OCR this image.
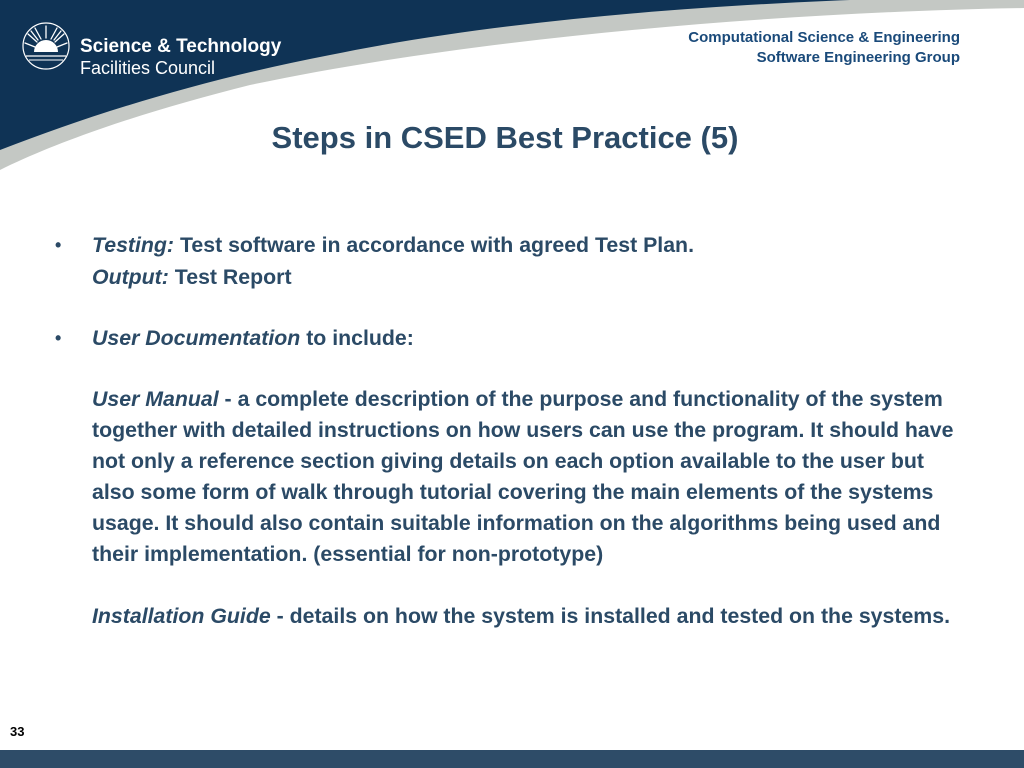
Science & Technology
Facilities Council
Computational Science & Engineering
Software Engineering Group
Steps in CSED Best Practice (5)
• Testing: Test software in accordance with agreed Test Plan.
Output: Test Report
• User Documentation to include:
User Manual - a complete description of the purpose and functionality of the system together with detailed instructions on how users can use the program. It should have not only a reference section giving details on each option available to the user but also some form of walk through tutorial covering the main elements of the systems usage. It should also contain suitable information on the algorithms being used and their implementation. (essential for non-prototype)
Installation Guide - details on how the system is installed and tested on the systems.
33
